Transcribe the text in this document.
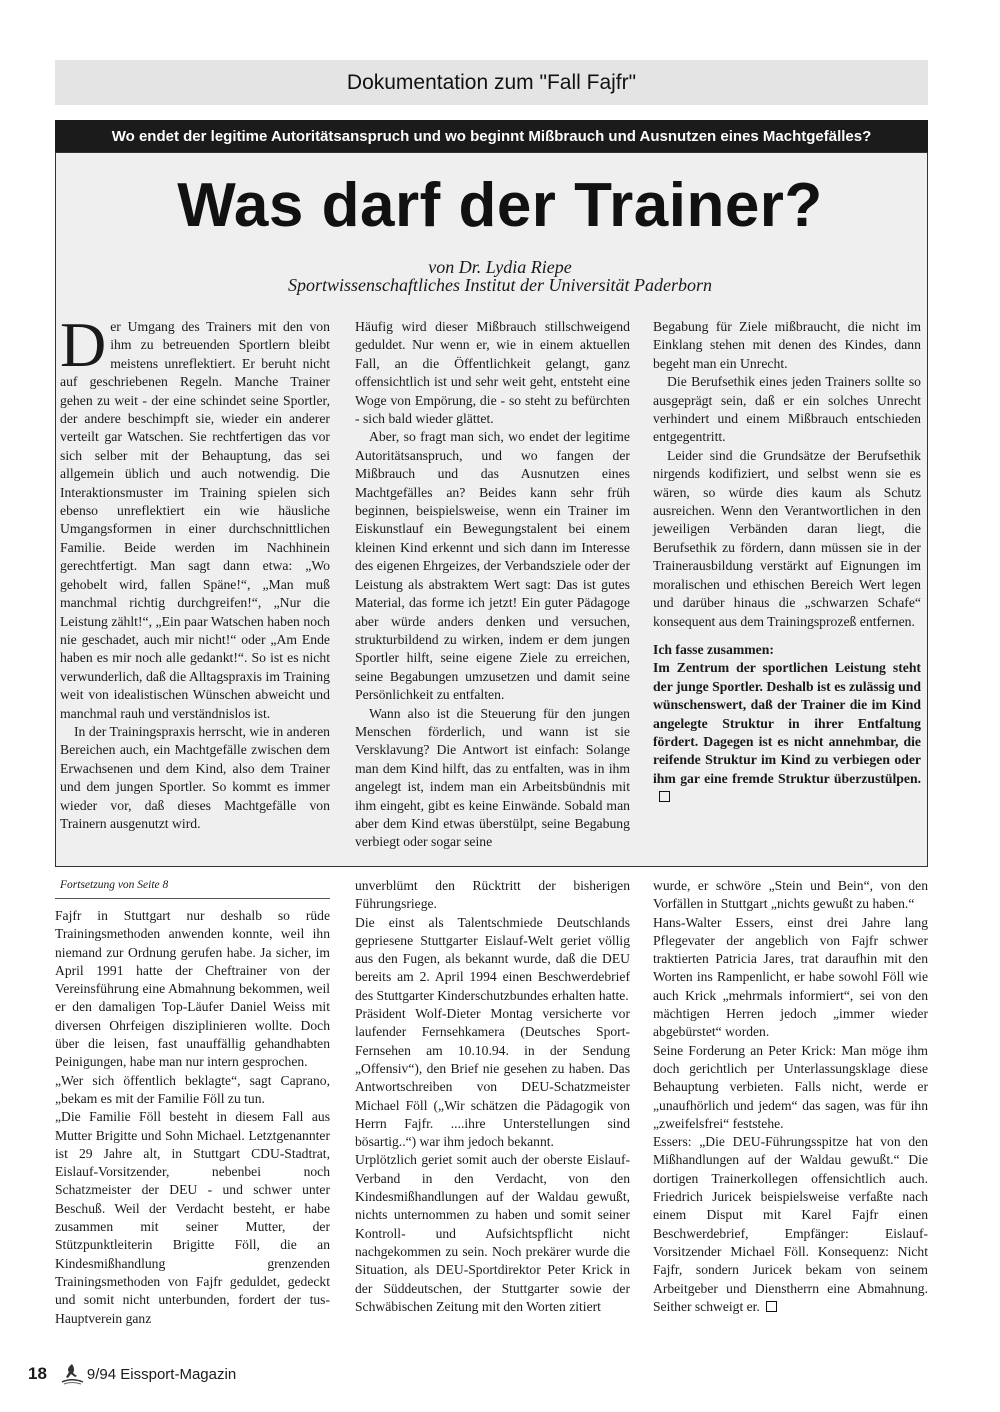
Dokumentation zum "Fall Fajfr"
Wo endet der legitime Autoritätsanspruch und wo beginnt Mißbrauch und Ausnutzen eines Machtgefälles?
Was darf der Trainer?
von Dr. Lydia Riepe
Sportwissenschaftliches Institut der Universität Paderborn

Der Umgang des Trainers mit den von ihm zu betreuenden Sportlern bleibt meistens unreflektiert. Er beruht nicht auf geschriebenen Regeln. Manche Trainer gehen zu weit - der eine schindet seine Sportler, der andere beschimpft sie, wieder ein anderer verteilt gar Watschen. Sie rechtfertigen das vor sich selber mit der Behauptung, das sei allgemein üblich und auch notwendig. Die Interaktionsmuster im Training spielen sich ebenso unreflektiert ein wie häusliche Umgangsformen in einer durchschnittlichen Familie. Beide werden im Nachhinein gerechtfertigt. Man sagt dann etwa: „Wo gehobelt wird, fallen Späne!“, „Man muß manchmal richtig durchgreifen!“, „Nur die Leistung zählt!“, „Ein paar Watschen haben noch nie geschadet, auch mir nicht!“ oder „Am Ende haben es mir noch alle gedankt!“. So ist es nicht verwunderlich, daß die Alltagspraxis im Training weit von idealistischen Wünschen abweicht und manchmal rauh und verständnislos ist.

In der Trainingspraxis herrscht, wie in anderen Bereichen auch, ein Machtgefälle zwischen dem Erwachsenen und dem Kind, also dem Trainer und dem jungen Sportler. So kommt es immer wieder vor, daß dieses Machtgefälle von Trainern ausgenutzt wird.

Häufig wird dieser Mißbrauch stillschweigend geduldet. Nur wenn er, wie in einem aktuellen Fall, an die Öffentlichkeit gelangt, ganz offensichtlich ist und sehr weit geht, entsteht eine Woge von Empörung, die - so steht zu befürchten - sich bald wieder glättet.

Aber, so fragt man sich, wo endet der legitime Autoritätsanspruch, und wo fangen der Mißbrauch und das Ausnutzen eines Machtgefälles an? Beides kann sehr früh beginnen, beispielsweise, wenn ein Trainer im Eiskunstlauf ein Bewegungstalent bei einem kleinen Kind erkennt und sich dann im Interesse des eigenen Ehrgeizes, der Verbandsziele oder der Leistung als abstraktem Wert sagt: Das ist gutes Material, das forme ich jetzt! Ein guter Pädagoge aber würde anders denken und versuchen, strukturbildend zu wirken, indem er dem jungen Sportler hilft, seine eigene Ziele zu erreichen, seine Begabungen umzusetzen und damit seine Persönlichkeit zu entfalten.

Wann also ist die Steuerung für den jungen Menschen förderlich, und wann ist sie Versklavung? Die Antwort ist einfach: Solange man dem Kind hilft, das zu entfalten, was in ihm angelegt ist, indem man ein Arbeitsbündnis mit ihm eingeht, gibt es keine Einwände. Sobald man aber dem Kind etwas überstülpt, seine Begabung verbiegt oder sogar seine

Begabung für Ziele mißbraucht, die nicht im Einklang stehen mit denen des Kindes, dann begeht man ein Unrecht.

Die Berufsethik eines jeden Trainers sollte so ausgeprägt sein, daß er ein solches Unrecht verhindert und einem Mißbrauch entschieden entgegentritt.

Leider sind die Grundsätze der Berufsethik nirgends kodifiziert, und selbst wenn sie es wären, so würde dies kaum als Schutz ausreichen. Wenn den Verantwortlichen in den jeweiligen Verbänden daran liegt, die Berufsethik zu fördern, dann müssen sie in der Trainerausbildung verstärkt auf Eignungen im moralischen und ethischen Bereich Wert legen und darüber hinaus die „schwarzen Schafe“ konsequent aus dem Trainingsprozeß entfernen.

Ich fasse zusammen:

Im Zentrum der sportlichen Leistung steht der junge Sportler. Deshalb ist es zulässig und wünschenswert, daß der Trainer die im Kind angelegte Struktur in ihrer Entfaltung fördert. Dagegen ist es nicht annehmbar, die reifende Struktur im Kind zu verbiegen oder ihm gar eine fremde Struktur überzustülpen.

Fortsetzung von Seite 8

Fajfr in Stuttgart nur deshalb so rüde Trainingsmethoden anwenden konnte, weil ihn niemand zur Ordnung gerufen habe. Ja sicher, im April 1991 hatte der Cheftrainer von der Vereinsführung eine Abmahnung bekommen, weil er den damaligen Top-Läufer Daniel Weiss mit diversen Ohrfeigen disziplinieren wollte. Doch über die leisen, fast unauffällig gehandhabten Peinigungen, habe man nur intern gesprochen.

„Wer sich öffentlich beklagte“, sagt Caprano, „bekam es mit der Familie Föll zu tun.

„Die Familie Föll besteht in diesem Fall aus Mutter Brigitte und Sohn Michael. Letztgenannter ist 29 Jahre alt, in Stuttgart CDU-Stadtrat, Eislauf-Vorsitzender, nebenbei noch Schatzmeister der DEU - und schwer unter Beschuß. Weil der Verdacht besteht, er habe zusammen mit seiner Mutter, der Stützpunktleiterin Brigitte Föll, die an Kindesmißhandlung grenzenden Trainingsmethoden von Fajfr geduldet, gedeckt und somit nicht unterbunden, fordert der tus-Hauptverein ganz

unverblümt den Rücktritt der bisherigen Führungsriege.

Die einst als Talentschmiede Deutschlands gepriesene Stuttgarter Eislauf-Welt geriet völlig aus den Fugen, als bekannt wurde, daß die DEU bereits am 2. April 1994 einen Beschwerdebrief des Stuttgarter Kinderschutzbundes erhalten hatte.

Präsident Wolf-Dieter Montag versicherte vor laufender Fernsehkamera (Deutsches Sport-Fernsehen am 10.10.94. in der Sendung „Offensiv“), den Brief nie gesehen zu haben. Das Antwortschreiben von DEU-Schatzmeister Michael Föll („Wir schätzen die Pädagogik von Herrn Fajfr. ....ihre Unterstellungen sind bösartig..“) war ihm jedoch bekannt.

Urplötzlich geriet somit auch der oberste Eislauf-Verband in den Verdacht, von den Kindesmißhandlungen auf der Waldau gewußt, nichts unternommen zu haben und somit seiner Kontroll- und Aufsichtspflicht nicht nachgekommen zu sein. Noch prekärer wurde die Situation, als DEU-Sportdirektor Peter Krick in der Süddeutschen, der Stuttgarter sowie der Schwäbischen Zeitung mit den Worten zitiert

wurde, er schwöre „Stein und Bein“, von den Vorfällen in Stuttgart „nichts gewußt zu haben.“

Hans-Walter Essers, einst drei Jahre lang Pflegevater der angeblich von Fajfr schwer traktierten Patricia Jares, trat daraufhin mit den Worten ins Rampenlicht, er habe sowohl Föll wie auch Krick „mehrmals informiert“, sei von den mächtigen Herren jedoch „immer wieder abgebürstet“ worden.

Seine Forderung an Peter Krick: Man möge ihm doch gerichtlich per Unterlassungsklage diese Behauptung verbieten. Falls nicht, werde er „unaufhörlich und jedem“ das sagen, was für ihn „zweifelsfrei“ feststehe.

Essers: „Die DEU-Führungsspitze hat von den Mißhandlungen auf der Waldau gewußt.“ Die dortigen Trainerkollegen offensichtlich auch. Friedrich Juricek beispielsweise verfaßte nach einem Disput mit Karel Fajfr einen Beschwerdebrief, Empfänger: Eislauf-Vorsitzender Michael Föll. Konsequenz: Nicht Fajfr, sondern Juricek bekam von seinem Arbeitgeber und Dienstherrn eine Abmahnung. Seither schweigt er.

18	9/94 Eissport-Magazin
